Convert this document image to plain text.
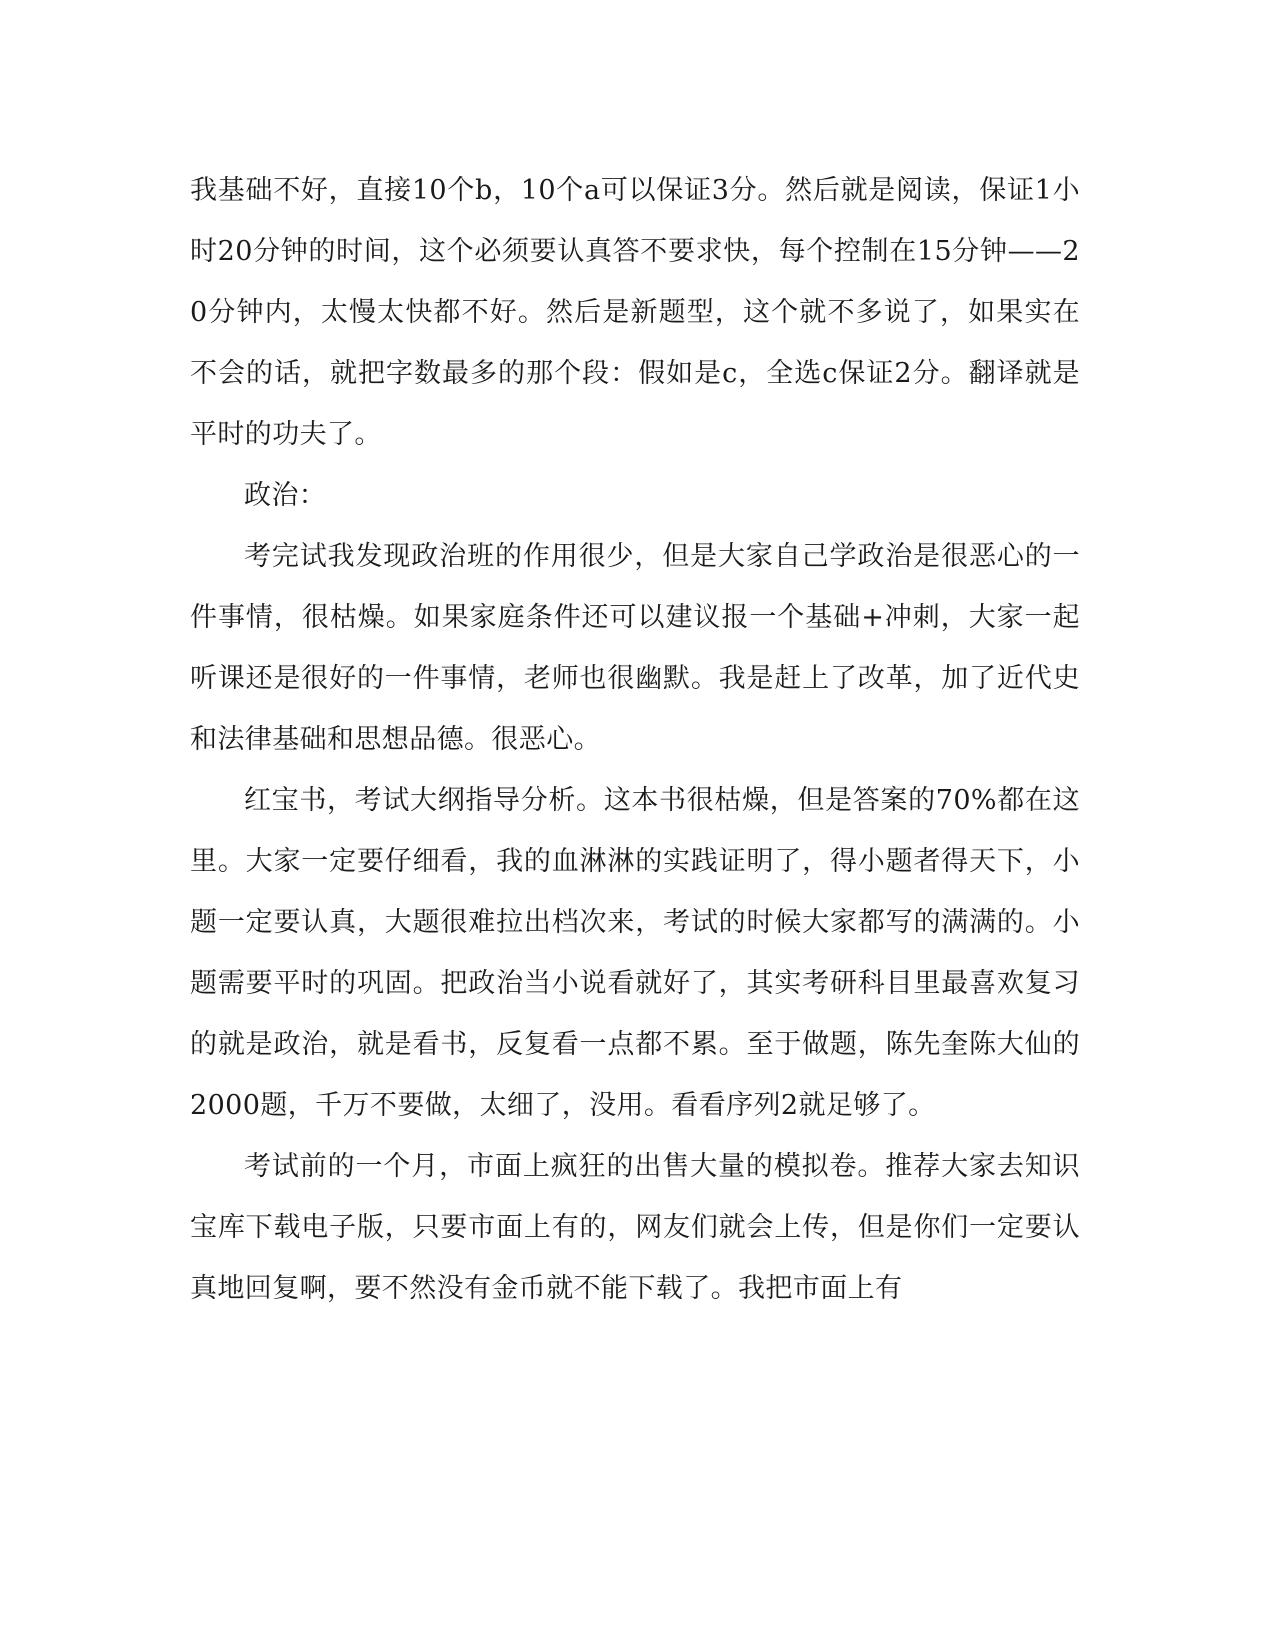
我基础不好，直接10个b，10个a可以保证3分。然后就是阅读，保证1小时20分钟的时间，这个必须要认真答不要求快，每个控制在15分钟——20分钟内，太慢太快都不好。然后是新题型，这个就不多说了，如果实在不会的话，就把字数最多的那个段：假如是c，全选c保证2分。翻译就是平时的功夫了。

政治：

考完试我发现政治班的作用很少，但是大家自己学政治是很恶心的一件事情，很枯燥。如果家庭条件还可以建议报一个基础+冲刺，大家一起听课还是很好的一件事情，老师也很幽默。我是赶上了改革，加了近代史和法律基础和思想品德。很恶心。

红宝书，考试大纲指导分析。这本书很枯燥，但是答案的70%都在这里。大家一定要仔细看，我的血淋淋的实践证明了，得小题者得天下，小题一定要认真，大题很难拉出档次来，考试的时候大家都写的满满的。小题需要平时的巩固。把政治当小说看就好了，其实考研科目里最喜欢复习的就是政治，就是看书，反复看一点都不累。至于做题，陈先奎陈大仙的2000题，千万不要做，太细了，没用。看看序列2就足够了。

考试前的一个月，市面上疯狂的出售大量的模拟卷。推荐大家去知识宝库下载电子版，只要市面上有的，网友们就会上传，但是你们一定要认真地回复啊，要不然没有金币就不能下载了。我把市面上有
